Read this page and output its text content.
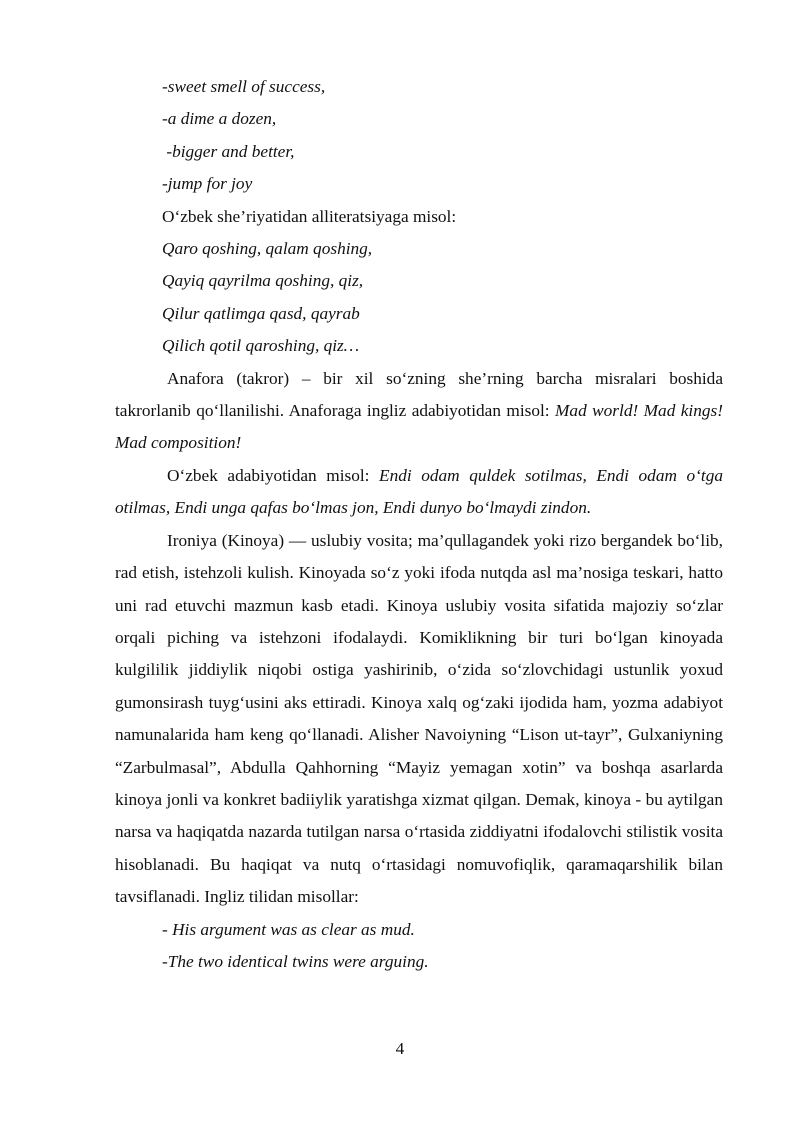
-sweet smell of success,

-a dime a dozen,

-bigger and better,

-jump for joy

O‘zbek she’riyatidan alliteratsiyaga misol:

Qaro qoshing, qalam qoshing,

Qayiq qayrilma qoshing, qiz,

Qilur qatlimga qasd, qayrab

Qilich qotil qaroshing, qiz…

Anafora (takror) – bir xil so‘zning she’rning barcha misralari boshida takrorlanib qo‘llanilishi. Anaforaga ingliz adabiyotidan misol: Mad world! Mad kings! Mad composition!

O‘zbek adabiyotidan misol: Endi odam quldek sotilmas, Endi odam o‘tga otilmas, Endi unga qafas bo‘lmas jon, Endi dunyo bo‘lmaydi zindon.

Ironiya (Kinoya) — uslubiy vosita; ma’qullagandek yoki rizo bergandek bo‘lib, rad etish, istehzoli kulish. Kinoyada so‘z yoki ifoda nutqda asl ma’nosiga teskari, hatto uni rad etuvchi mazmun kasb etadi. Kinoya uslubiy vosita sifatida majoziy so‘zlar orqali piching va istehzoni ifodalaydi. Komiklikning bir turi bo‘lgan kinoyada kulgililik jiddiylik niqobi ostiga yashirinib, o‘zida so‘zlovchidagi ustunlik yoxud gumonsirash tuyg‘usini aks ettiradi. Kinoya xalq og‘zaki ijodida ham, yozma adabiyot namunalarida ham keng qo‘llanadi. Alisher Navoiyning “Lison ut-tayr”, Gulxaniyning “Zarbulmasal”, Abdulla Qahhorning “Mayiz yemagan xotin” va boshqa asarlarda kinoya jonli va konkret badiiylik yaratishga xizmat qilgan. Demak, kinoya - bu aytilgan narsa va haqiqatda nazarda tutilgan narsa o‘rtasida ziddiyatni ifodalovchi stilistik vosita hisoblanadi. Bu haqiqat va nutq o‘rtasidagi nomuvofiqlik, qaramaqarshilik bilan tavsiflanadi. Ingliz tilidan misollar:

- His argument was as clear as mud.

-The two identical twins were arguing.

4
